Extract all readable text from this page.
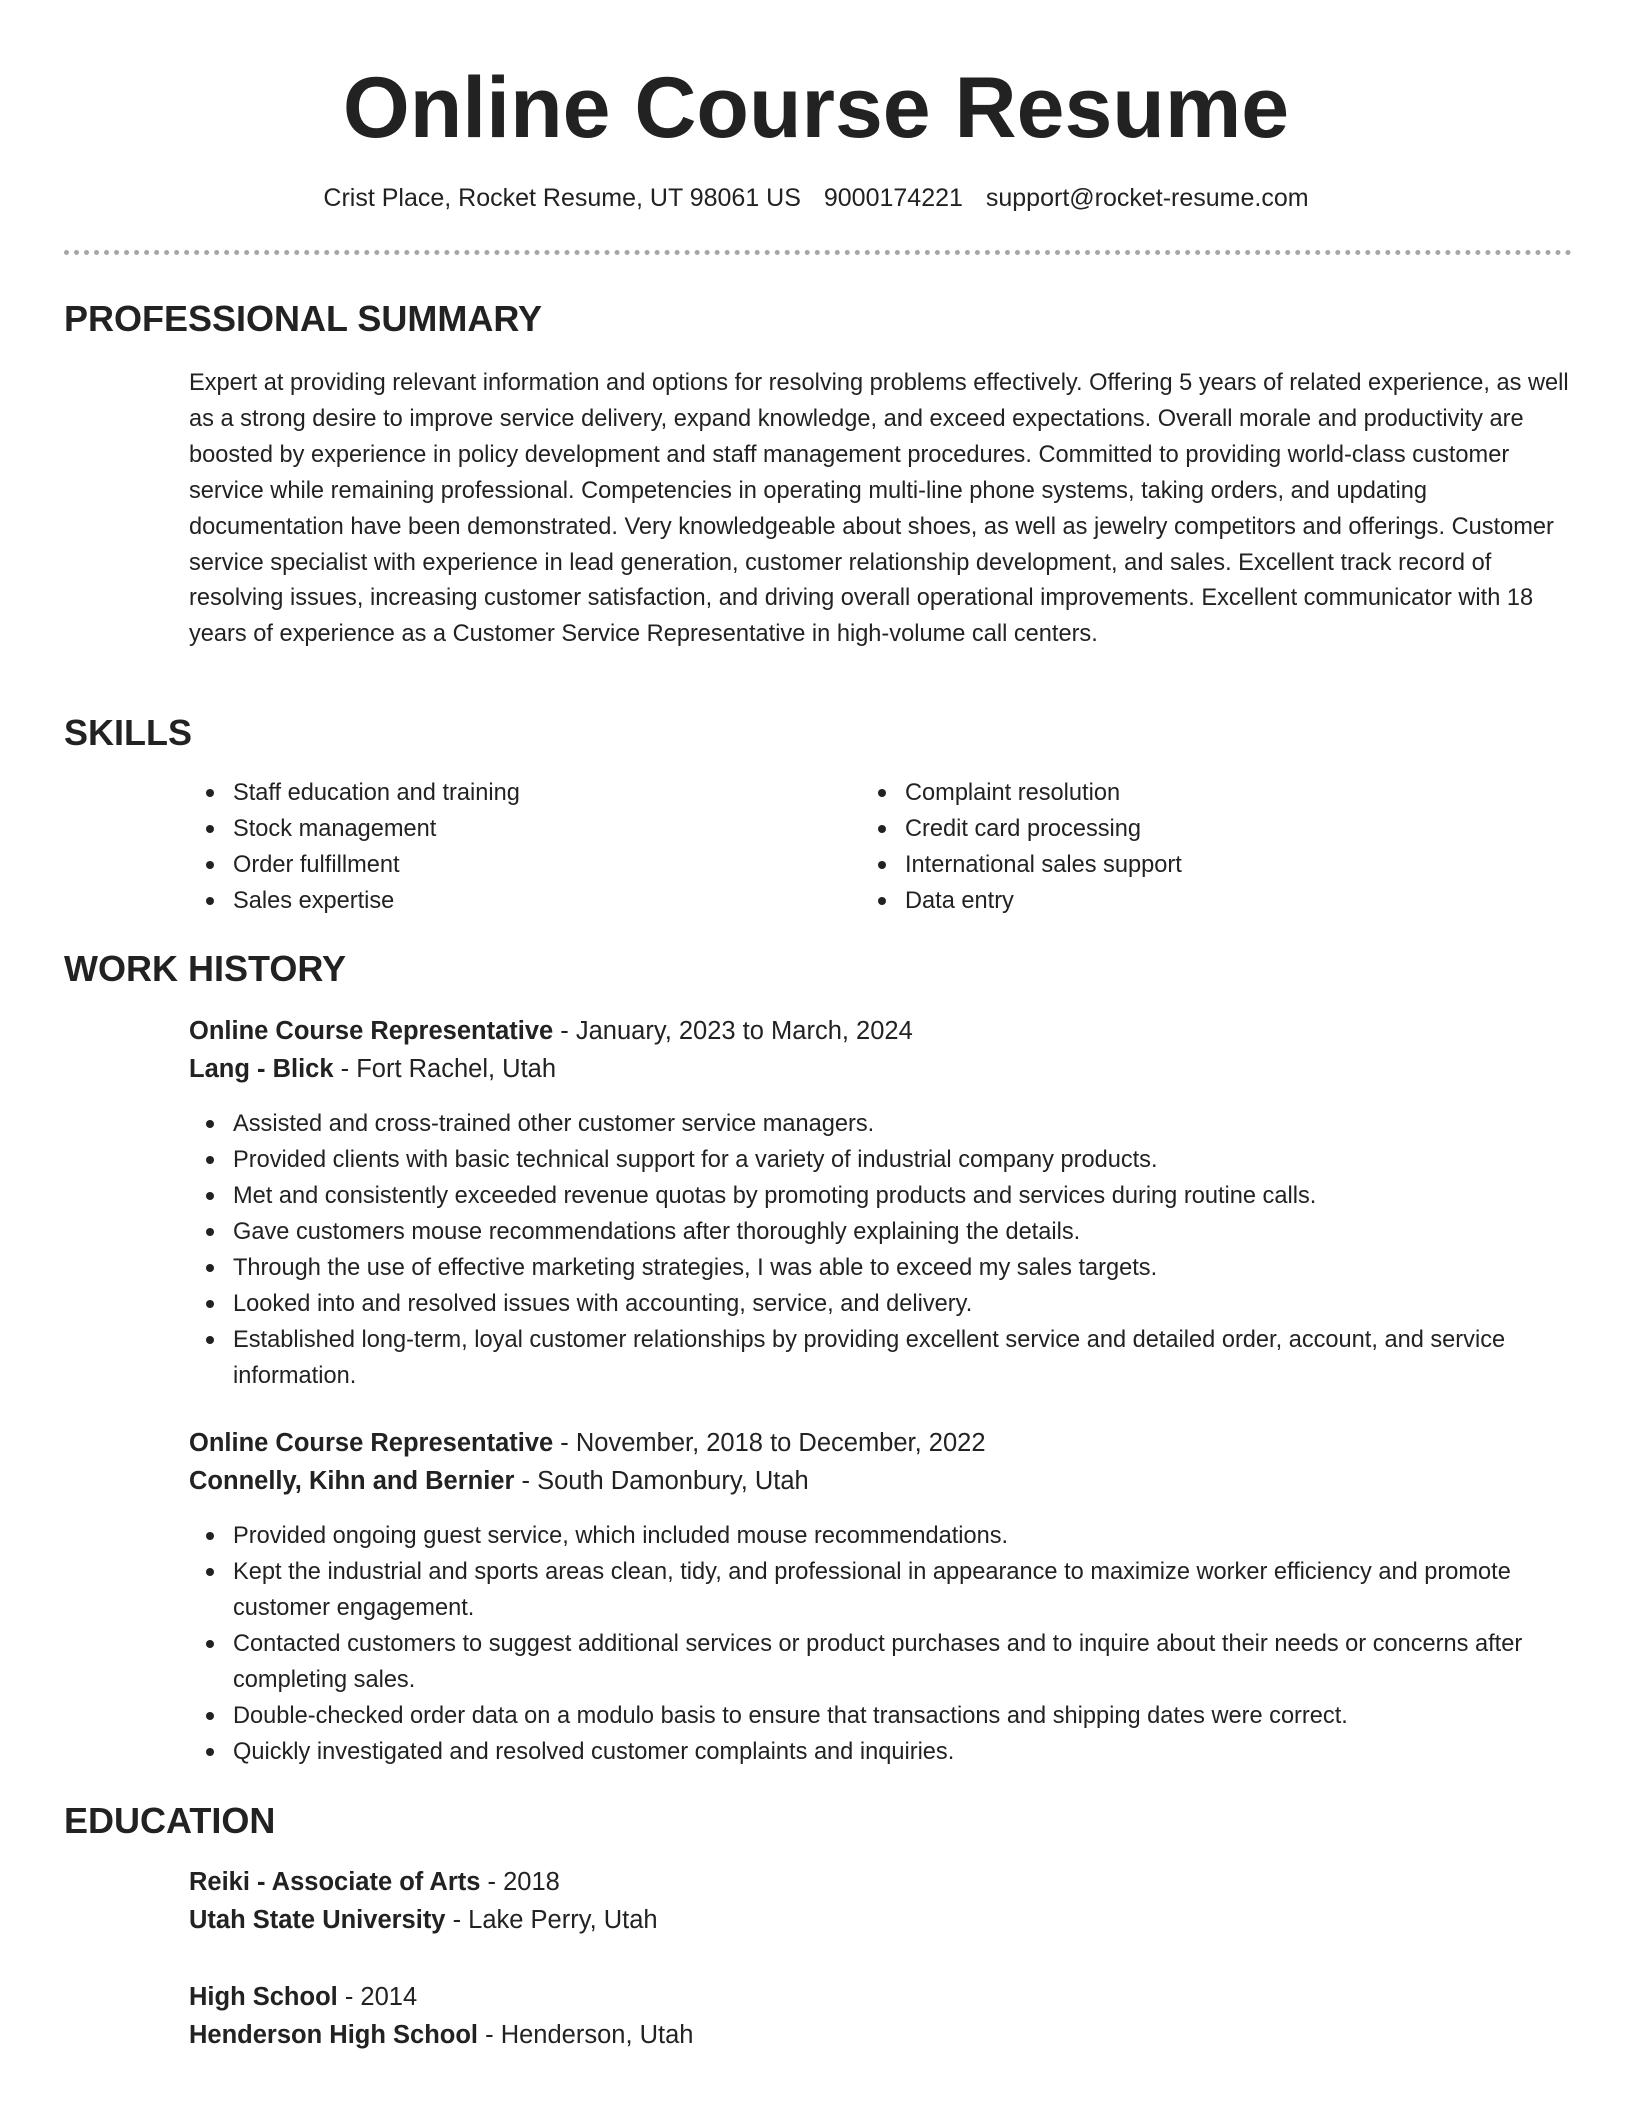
Online Course Resume
Crist Place, Rocket Resume, UT 98061 US 9000174221 support@rocket-resume.com
PROFESSIONAL SUMMARY

Expert at providing relevant information and options for resolving problems effectively. Offering 5 years of related experience, as well as a strong desire to improve service delivery, expand knowledge, and exceed expectations. Overall morale and productivity are boosted by experience in policy development and staff management procedures. Committed to providing world-class customer service while remaining professional. Competencies in operating multi-line phone systems, taking orders, and updating documentation have been demonstrated. Very knowledgeable about shoes, as well as jewelry competitors and offerings. Customer service specialist with experience in lead generation, customer relationship development, and sales. Excellent track record of resolving issues, increasing customer satisfaction, and driving overall operational improvements. Excellent communicator with 18 years of experience as a Customer Service Representative in high-volume call centers.

SKILLS
Staff education and training
Stock management
Order fulfillment
Sales expertise
Complaint resolution
Credit card processing
International sales support
Data entry
WORK HISTORY
Online Course Representative - January, 2023 to March, 2024
Lang - Blick - Fort Rachel, Utah
Assisted and cross-trained other customer service managers.
Provided clients with basic technical support for a variety of industrial company products.
Met and consistently exceeded revenue quotas by promoting products and services during routine calls.
Gave customers mouse recommendations after thoroughly explaining the details.
Through the use of effective marketing strategies, I was able to exceed my sales targets.
Looked into and resolved issues with accounting, service, and delivery.
Established long-term, loyal customer relationships by providing excellent service and detailed order, account, and service information.
Online Course Representative - November, 2018 to December, 2022
Connelly, Kihn and Bernier - South Damonbury, Utah
Provided ongoing guest service, which included mouse recommendations.
Kept the industrial and sports areas clean, tidy, and professional in appearance to maximize worker efficiency and promote customer engagement.
Contacted customers to suggest additional services or product purchases and to inquire about their needs or concerns after completing sales.
Double-checked order data on a modulo basis to ensure that transactions and shipping dates were correct.
Quickly investigated and resolved customer complaints and inquiries.
EDUCATION
Reiki - Associate of Arts - 2018
Utah State University - Lake Perry, Utah
High School - 2014
Henderson High School - Henderson, Utah
